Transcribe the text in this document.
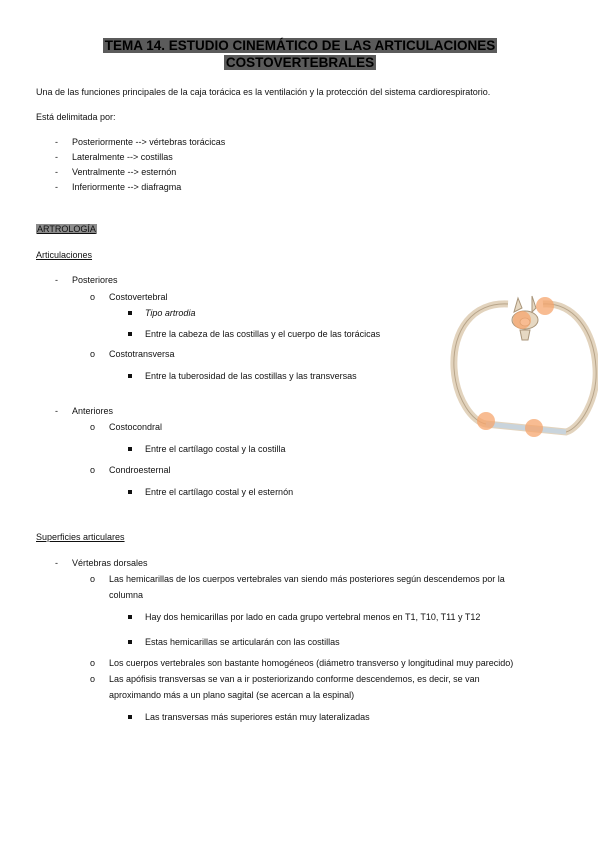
TEMA 14. ESTUDIO CINEMÁTICO DE LAS ARTICULACIONES
COSTOVERTEBRALES
Una de las funciones principales de la caja torácica es la ventilación y la protección del sistema cardiorespiratorio.
Está delimitada por:
- Posteriormente --> vértebras torácicas
- Lateralmente --> costillas
- Ventralmente --> esternón
- Inferiormente --> diafragma
ARTROLOGÍA
Articulaciones
- Posteriores
o Costovertebral
Tipo artrodia
Entre la cabeza de las costillas y el cuerpo de las torácicas
o Costotransversa
Entre la tuberosidad de las costillas y las transversas
- Anteriores
o Costocondral
Entre el cartílago costal y la costilla
o Condroesternal
Entre el cartílago costal y el esternón
Superficies articulares
- Vértebras dorsales
o Las hemicarillas de los cuerpos vertebrales van siendo más posteriores según descendemos por la
columna
Hay dos hemicarillas por lado en cada grupo vertebral menos en T1, T10, T11 y T12
Estas hemicarillas se articularán con las costillas
o Los cuerpos vertebrales son bastante homogéneos (diámetro transverso y longitudinal muy parecido)
o Las apófisis transversas se van a ir posteriorizando conforme descendemos, es decir, se van
aproximando más a un plano sagital (se acercan a la espinal)
Las transversas más superiores están muy lateralizadas
